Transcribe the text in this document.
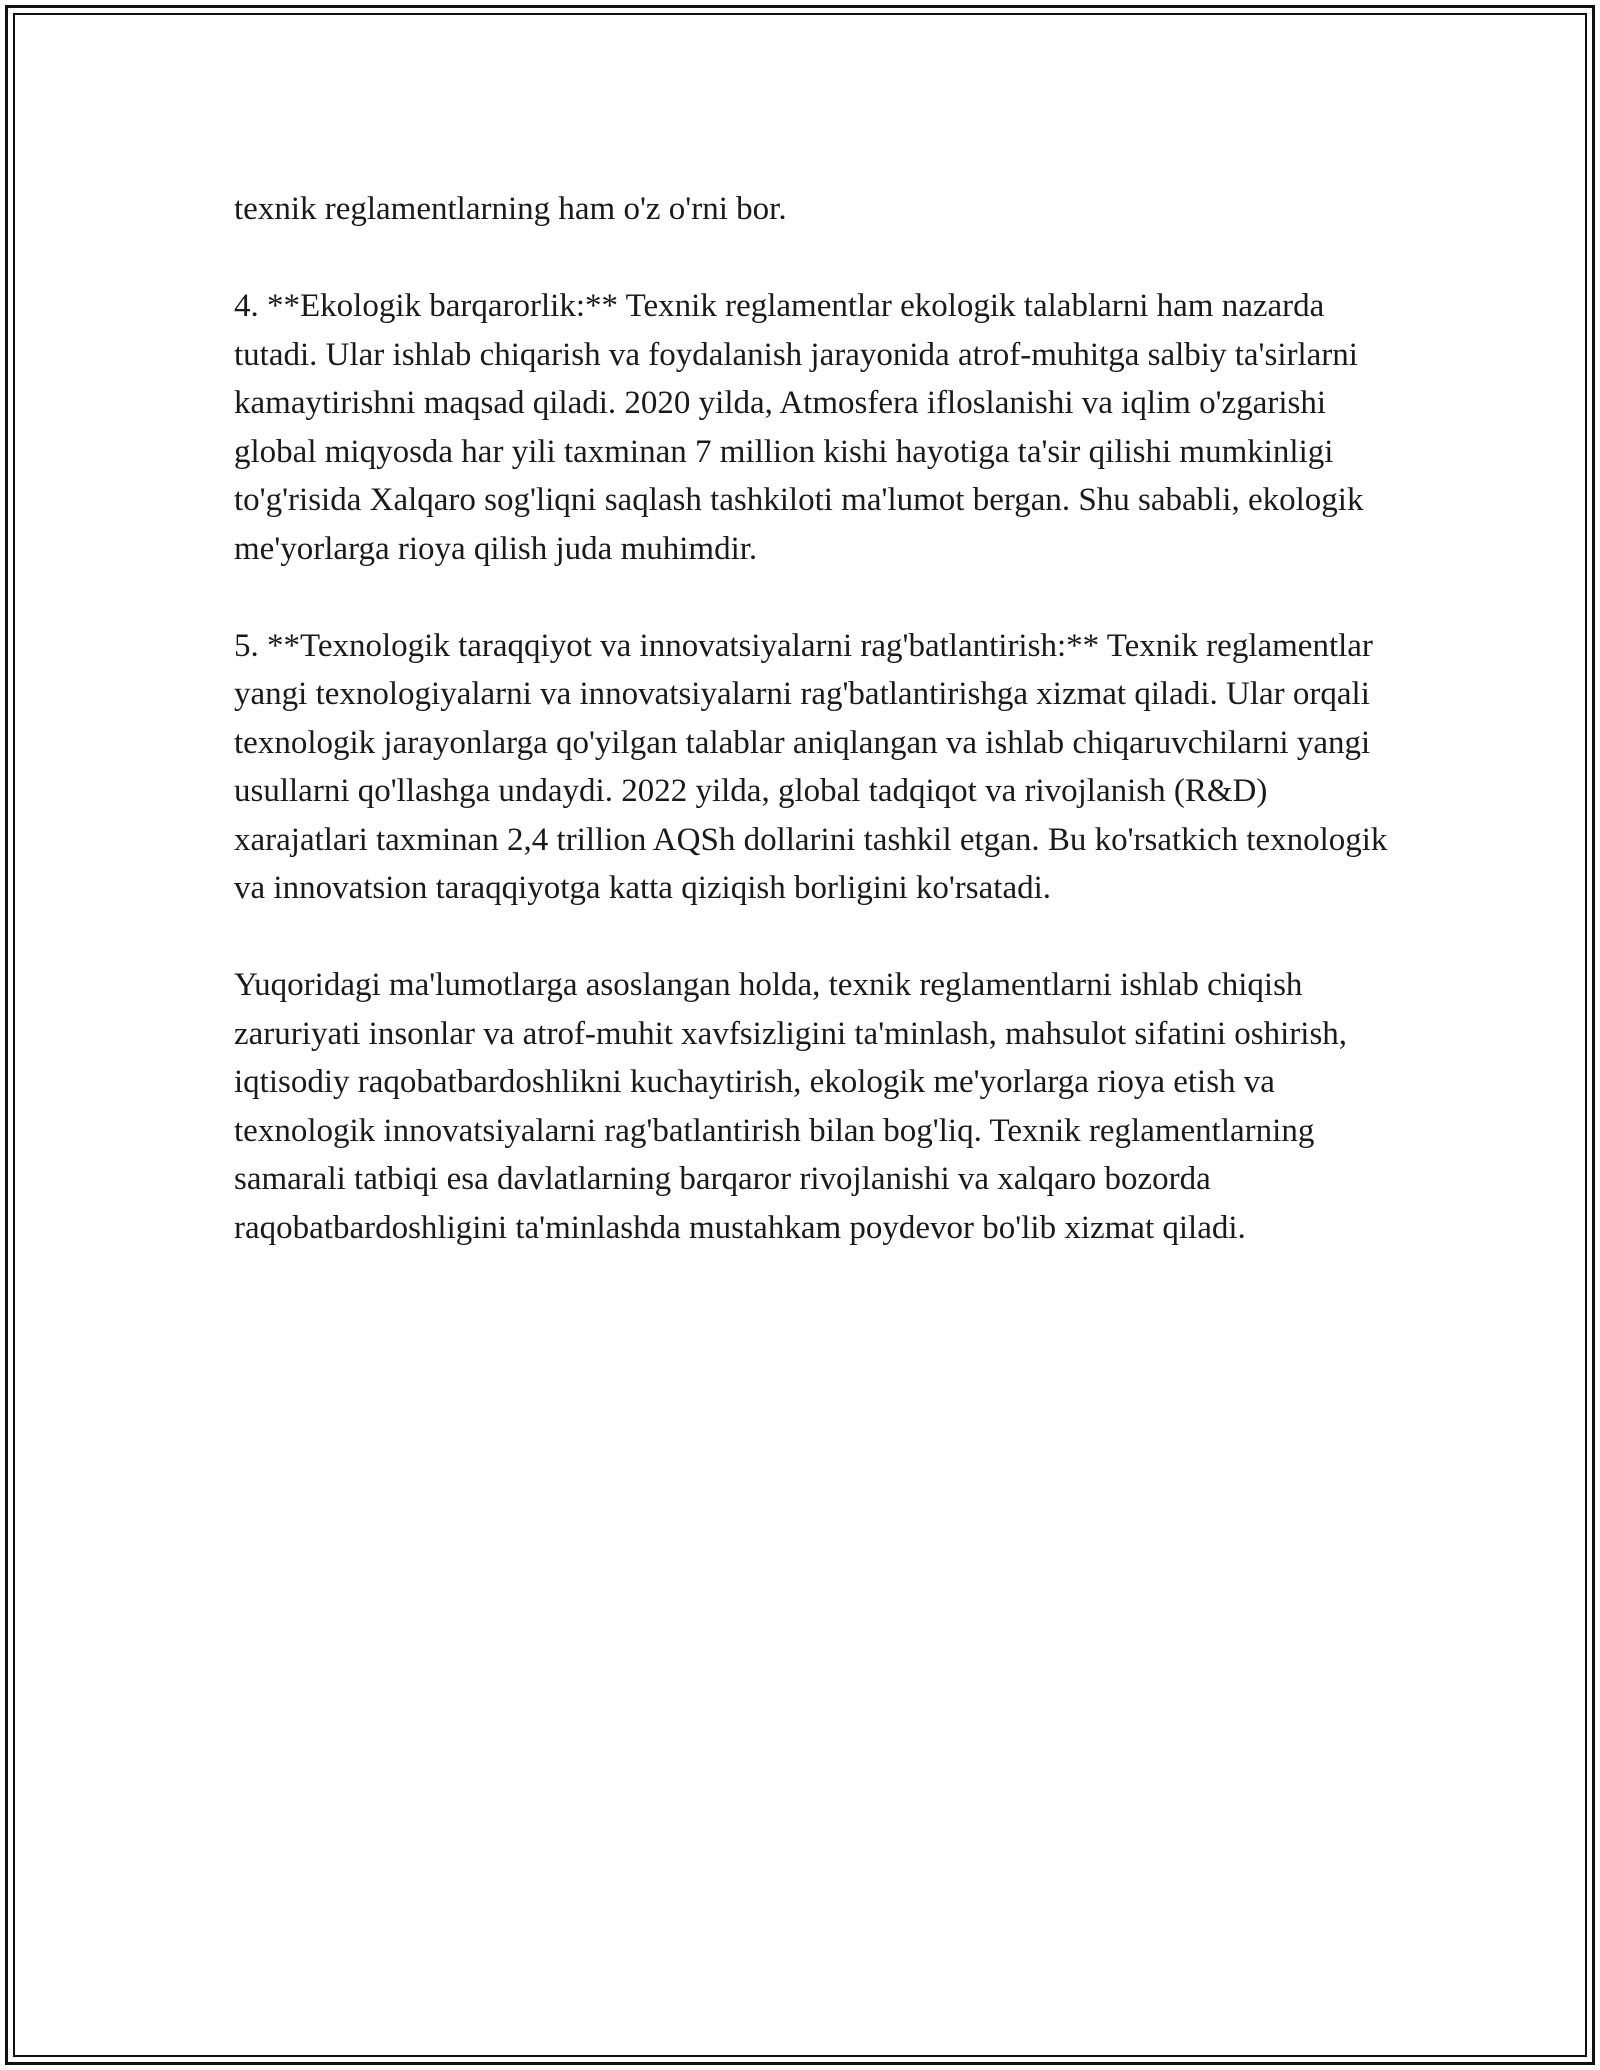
texnik reglamentlarning ham o'z o'rni bor.

4. **Ekologik barqarorlik:** Texnik reglamentlar ekologik talablarni ham nazarda tutadi. Ular ishlab chiqarish va foydalanish jarayonida atrof-muhitga salbiy ta'sirlarni kamaytirishni maqsad qiladi. 2020 yilda, Atmosfera ifloslanishi va iqlim o'zgarishi global miqyosda har yili taxminan 7 million kishi hayotiga ta'sir qilishi mumkinligi to'g'risida Xalqaro sog'liqni saqlash tashkiloti ma'lumot bergan. Shu sababli, ekologik me'yorlarga rioya qilish juda muhimdir.

5. **Texnologik taraqqiyot va innovatsiyalarni rag'batlantirish:** Texnik reglamentlar yangi texnologiyalarni va innovatsiyalarni rag'batlantirishga xizmat qiladi. Ular orqali texnologik jarayonlarga qo'yilgan talablar aniqlangan va ishlab chiqaruvchilarni yangi usullarni qo'llashga undaydi. 2022 yilda, global tadqiqot va rivojlanish (R&D) xarajatlari taxminan 2,4 trillion AQSh dollarini tashkil etgan. Bu ko'rsatkich texnologik va innovatsion taraqqiyotga katta qiziqish borligini ko'rsatadi.

Yuqoridagi ma'lumotlarga asoslangan holda, texnik reglamentlarni ishlab chiqish zaruriyati insonlar va atrof-muhit xavfsizligini ta'minlash, mahsulot sifatini oshirish, iqtisodiy raqobatbardoshlikni kuchaytirish, ekologik me'yorlarga rioya etish va texnologik innovatsiyalarni rag'batlantirish bilan bog'liq. Texnik reglamentlarning samarali tatbiqi esa davlatlarning barqaror rivojlanishi va xalqaro bozorda raqobatbardoshligini ta'minlashda mustahkam poydevor bo'lib xizmat qiladi.
